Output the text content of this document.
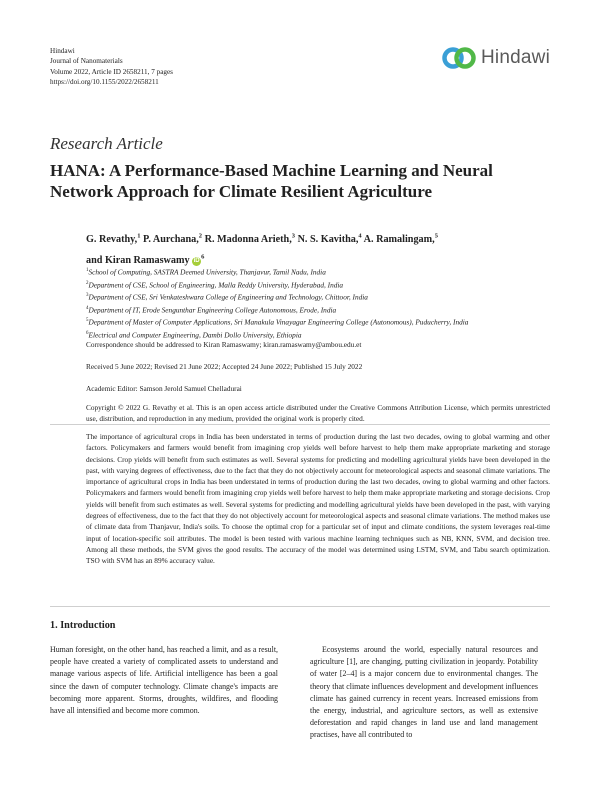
Hindawi
Journal of Nanomaterials
Volume 2022, Article ID 2658211, 7 pages
https://doi.org/10.1155/2022/2658211
Hindawi
Research Article
HANA: A Performance-Based Machine Learning and Neural Network Approach for Climate Resilient Agriculture
G. Revathy,$^1$ P. Aurchana,$^2$ R. Madonna Arieth,$^3$ N. S. Kavitha,$^4$ A. Ramalingam,$^5$
and Kiran Ramaswamy $iD^6$
$^1$School of Computing, SASTRA Deemed University, Thanjavur, Tamil Nadu, India
$^2$Department of CSE, School of Engineering, Malla Reddy University, Hyderabad, India
$^3$Department of CSE, Sri Venkateshwara College of Engineering and Technology, Chittoor, India
$^4$Department of IT, Erode Sengunthar Engineering College Autonomous, Erode, India
$^5$Department of Master of Computer Applications, Sri Manakula Vinayagar Engineering College (Autonomous), Puducherry, India
$^6$Electrical and Computer Engineering, Dambi Dollo University, Ethiopia
Correspondence should be addressed to Kiran Ramaswamy; kiran.ramaswamy@ambou.edu.et
Received 5 June 2022; Revised 21 June 2022; Accepted 24 June 2022; Published 15 July 2022
Academic Editor: Samson Jerold Samuel Chelladurai
Copyright © 2022 G. Revathy et al. This is an open access article distributed under the Creative Commons Attribution License, which permits unrestricted use, distribution, and reproduction in any medium, provided the original work is properly cited.
The importance of agricultural crops in India has been understated in terms of production during the last two decades, owing to global warming and other factors. Policymakers and farmers would benefit from imagining crop yields well before harvest to help them make appropriate marketing and storage decisions. Crop yields will benefit from such estimates as well. Several systems for predicting and modelling agricultural yields have been developed in the past, with varying degrees of effectiveness, due to the fact that they do not objectively account for meteorological aspects and seasonal climate variations. The importance of agricultural crops in India has been understated in terms of production during the last two decades, owing to global warming and other factors. Policymakers and farmers would benefit from imagining crop yields well before harvest to help them make appropriate marketing and storage decisions. Crop yields will benefit from such estimates as well. Several systems for predicting and modelling agricultural yields have been developed in the past, with varying degrees of effectiveness, due to the fact that they do not objectively account for meteorological aspects and seasonal climate variations. The method makes use of climate data from Thanjavur, India's soils. To choose the optimal crop for a particular set of input and climate conditions, the system leverages real-time input of location-specific soil attributes. The model is been tested with various machine learning techniques such as NB, KNN, SVM, and decision tree. Among all these methods, the SVM gives the good results. The accuracy of the model was determined using LSTM, SVM, and Tabu search optimization. TSO with SVM has an 89% accuracy value.
1. Introduction
Human foresight, on the other hand, has reached a limit, and as a result, people have created a variety of complicated assets to understand and manage various aspects of life. Artificial intelligence has been a goal since the dawn of computer technology. Climate change's impacts are becoming more apparent. Storms, droughts, wildfires, and flooding have all intensified and become more common.
Ecosystems around the world, especially natural resources and agriculture [1], are changing, putting civilization in jeopardy. Potability of water [2–4] is a major concern due to environmental changes. The theory that climate influences development and development influences climate has gained currency in recent years. Increased emissions from the energy, industrial, and agriculture sectors, as well as extensive deforestation and rapid changes in land use and land management practises, have all contributed to
